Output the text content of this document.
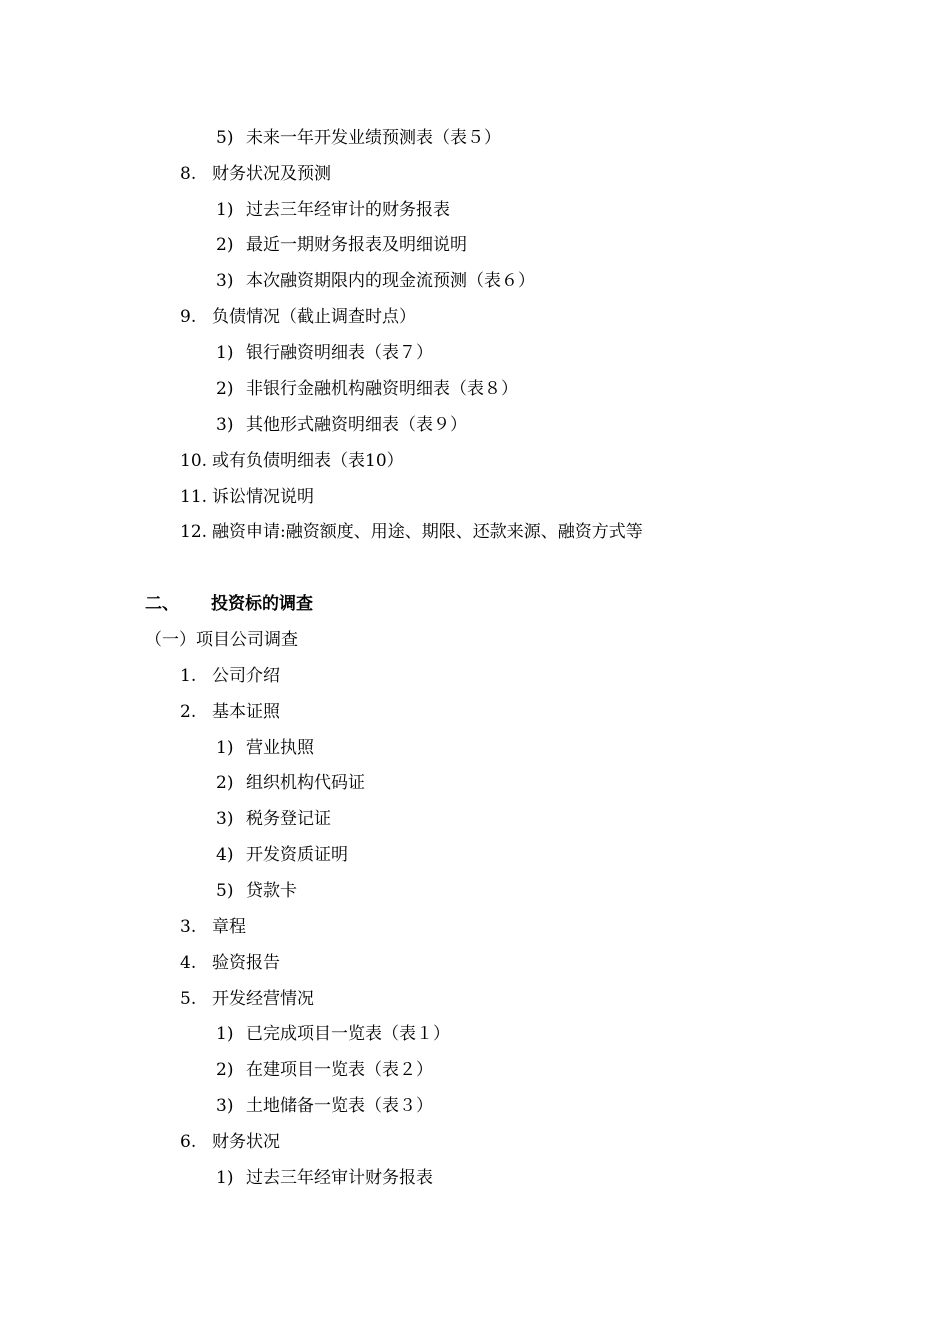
5) 未来一年开发业绩预测表（表５）
8. 财务状况及预测
1) 过去三年经审计的财务报表
2) 最近一期财务报表及明细说明
3) 本次融资期限内的现金流预测（表６）
9. 负债情况（截止调查时点）
1) 银行融资明细表（表７）
2) 非银行金融机构融资明细表（表８）
3) 其他形式融资明细表（表９）
10. 或有负债明细表（表10）
11. 诉讼情况说明
12. 融资申请:融资额度、用途、期限、还款来源、融资方式等
二、 投资标的调查
（一）项目公司调查
1. 公司介绍
2. 基本证照
1) 营业执照
2) 组织机构代码证
3) 税务登记证
4) 开发资质证明
5) 贷款卡
3. 章程
4. 验资报告
5. 开发经营情况
1) 已完成项目一览表（表１）
2) 在建项目一览表（表２）
3) 土地储备一览表（表３）
6. 财务状况
1) 过去三年经审计财务报表
